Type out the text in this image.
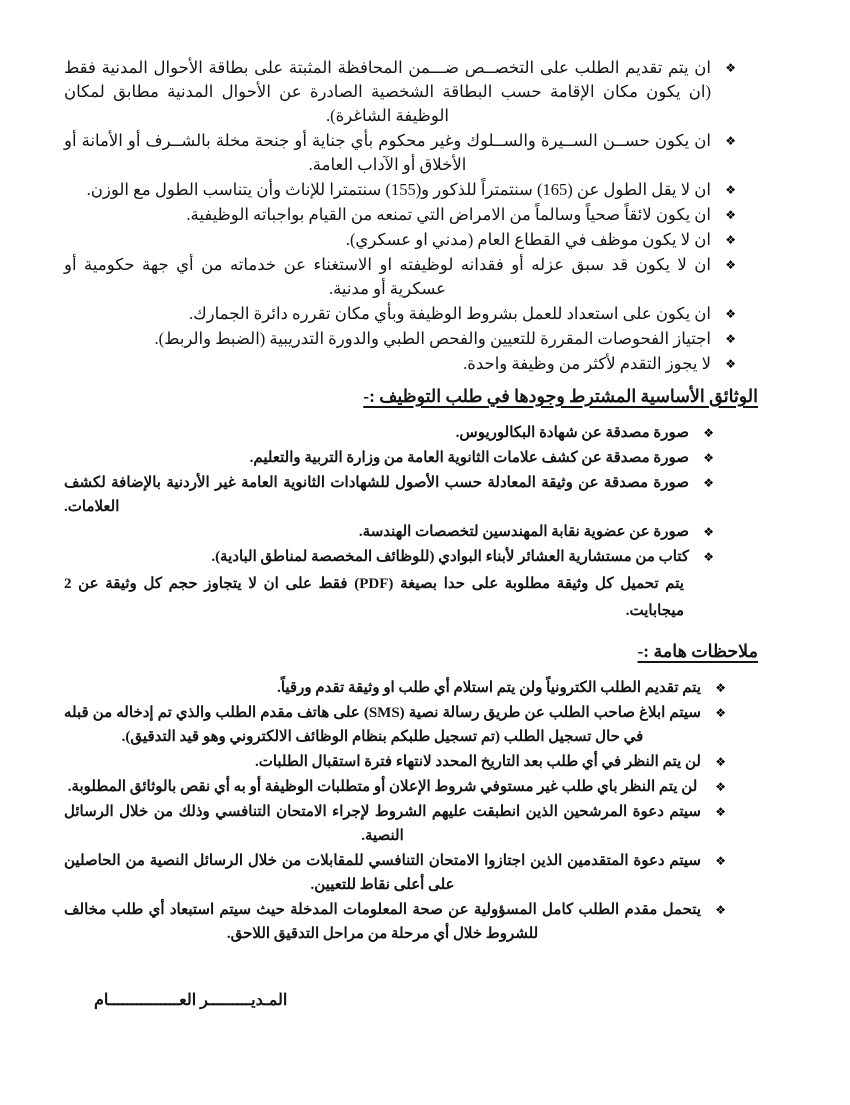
❖
ان يتم تقديم الطلب على التخصــص ضـــمن المحافظة المثبتة على بطاقة الأحوال المدنية فقط (ان يكون مكان الإقامة حسب البطاقة الشخصية الصادرة عن الأحوال المدنية مطابق لمكان الوظيفة الشاغرة).
❖
ان يكون حســن الســيرة والســلوك وغير محكوم بأي جناية أو جنحة مخلة بالشــرف أو الأمانة أو الأخلاق أو الآداب العامة.
❖
ان لا يقل الطول عن (165) سنتمتراً للذكور و(155) سنتمترا للإناث وأن يتناسب الطول مع الوزن.
❖
ان يكون لائقاً صحياً وسالماً من الامراض التي تمنعه من القيام بواجباته الوظيفية.
❖
ان لا يكون موظف في القطاع العام (مدني او عسكري).
❖
ان لا يكون قد سبق عزله أو فقدانه لوظيفته او الاستغناء عن خدماته من أي جهة حكومية أو عسكرية أو مدنية.
❖
ان يكون على استعداد للعمل بشروط الوظيفة وبأي مكان تقرره دائرة الجمارك.
❖
اجتياز الفحوصات المقررة للتعيين والفحص الطبي والدورة التدريبية (الضبط والربط).
❖
لا يجوز التقدم لأكثر من وظيفة واحدة.
الوثائق الأساسية المشترط وجودها في طلب التوظيف :-
❖
صورة مصدقة عن شهادة البكالوريوس.
❖
صورة مصدقة عن كشف علامات الثانوية العامة من وزارة التربية والتعليم.
❖
صورة مصدقة عن وثيقة المعادلة حسب الأصول للشهادات الثانوية العامة غير الأردنية بالإضافة لكشف العلامات.
❖
صورة عن عضوية نقابة المهندسين لتخصصات الهندسة.
❖
كتاب من مستشارية العشائر لأبناء البوادي (للوظائف المخصصة لمناطق البادية).
يتم تحميل كل وثيقة مطلوبة على حدا بصيغة (PDF) فقط على ان لا يتجاوز حجم كل وثيقة عن 2 ميجابايت.
ملاحظات هامة :-
❖
يتم تقديم الطلب الكترونياً ولن يتم استلام أي طلب او وثيقة تقدم ورقياً.
❖
سيتم ابلاغ صاحب الطلب عن طريق رسالة نصية (SMS) على هاتف مقدم الطلب والذي تم إدخاله من قبله في حال تسجيل الطلب (تم تسجيل طلبكم بنظام الوظائف الالكتروني وهو قيد التدقيق).
❖
لن يتم النظر في أي طلب بعد التاريخ المحدد لانتهاء فترة استقبال الطلبات.
❖
لن يتم النظر باي طلب غير مستوفي شروط الإعلان أو متطلبات الوظيفة أو به أي نقص بالوثائق المطلوبة.
❖
سيتم دعوة المرشحين الذين انطبقت عليهم الشروط لإجراء الامتحان التنافسي وذلك من خلال الرسائل النصية.
❖
سيتم دعوة المتقدمين الذين اجتازوا الامتحان التنافسي للمقابلات من خلال الرسائل النصية من الحاصلين على أعلى نقاط للتعيين.
❖
يتحمل مقدم الطلب كامل المسؤولية عن صحة المعلومات المدخلة حيث سيتم استبعاد أي طلب مخالف للشروط خلال أي مرحلة من مراحل التدقيق اللاحق.
المـديـــــــــر العـــــــــــــــام
